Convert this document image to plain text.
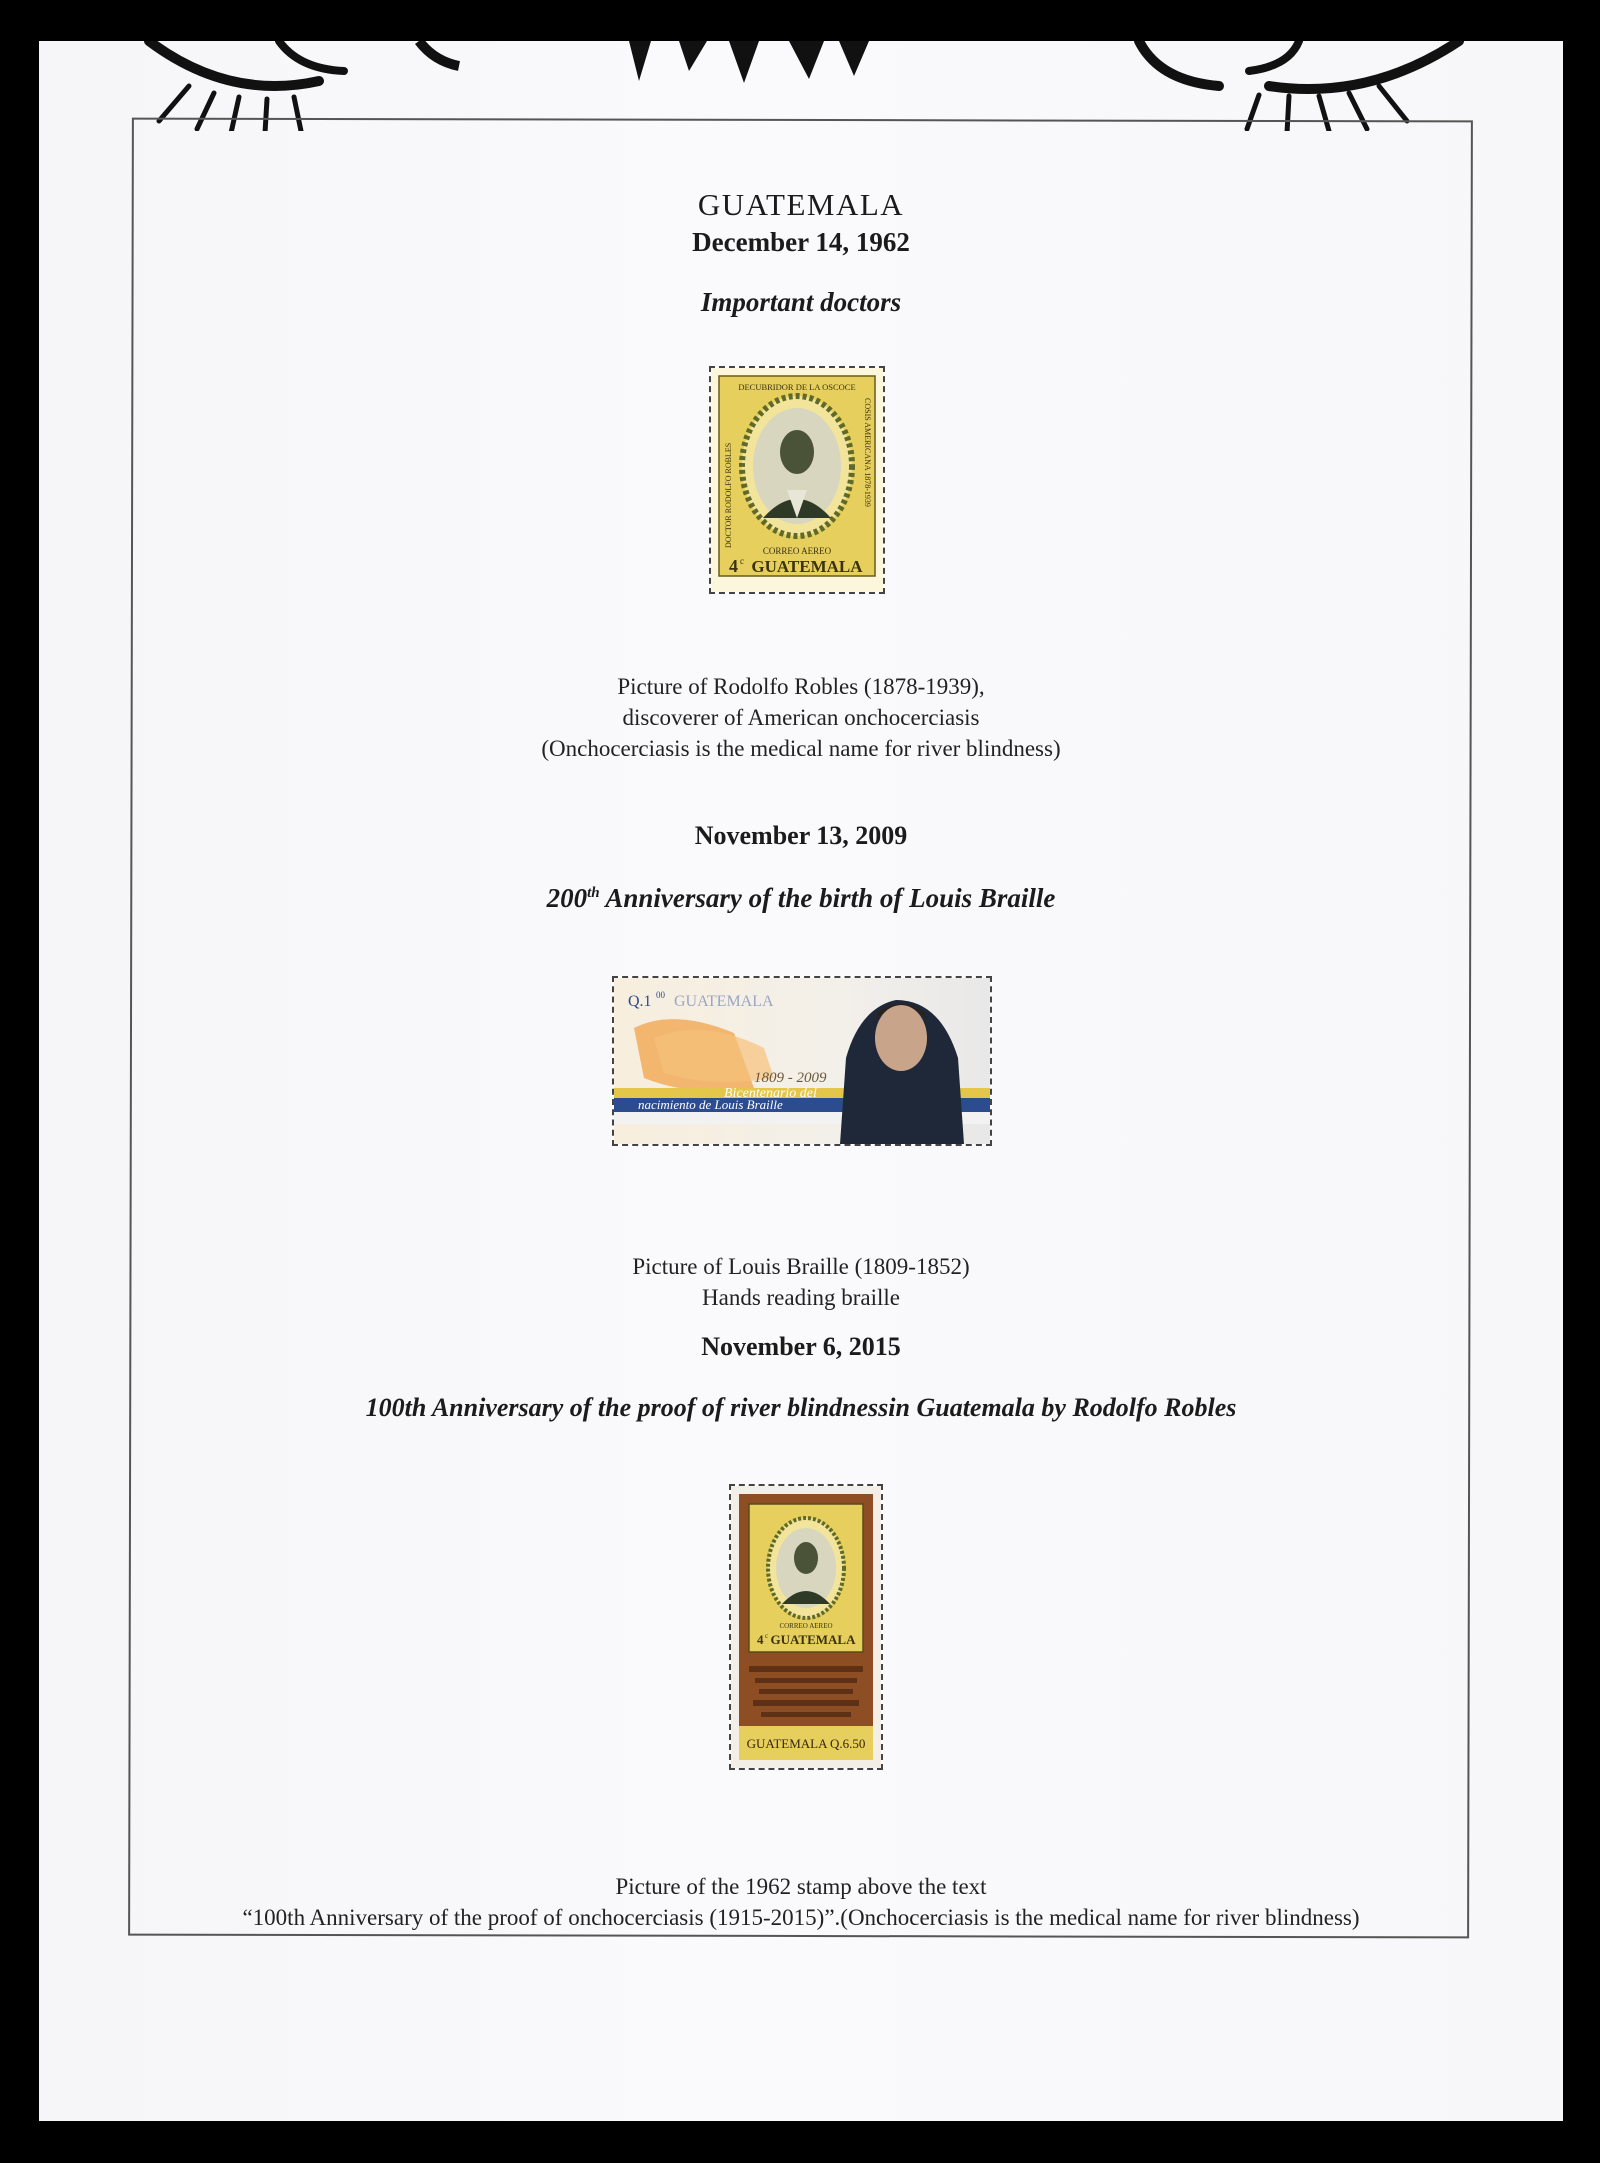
GUATEMALA
December 14, 1962
Important doctors
DECUBRIDOR DE LA OSCOCE
DOCTOR RODOLFO ROBLES	COSIS AMERICANA 1878-1939
CORREO AEREO
4 c GUATEMALA
Picture of Rodolfo Robles (1878-1939),
discoverer of American onchocerciasis
(Onchocerciasis is the medical name for river blindness)
November 13, 2009
200th Anniversary of the birth of Louis Braille
Q.1 00 GUATEMALA
1809 - 2009
Bicentenario del
nacimiento de Louis Braille
Picture of Louis Braille (1809-1852)
Hands reading braille
November 6, 2015
100th Anniversary of the proof of river blindnessin Guatemala by Rodolfo Robles
CORREO AEREO
4 c GUATEMALA
GUATEMALA Q.6.50
Picture of the 1962 stamp above the text
“100th Anniversary of the proof of onchocerciasis (1915-2015)”.(Onchocerciasis is the medical name for river blindness)
